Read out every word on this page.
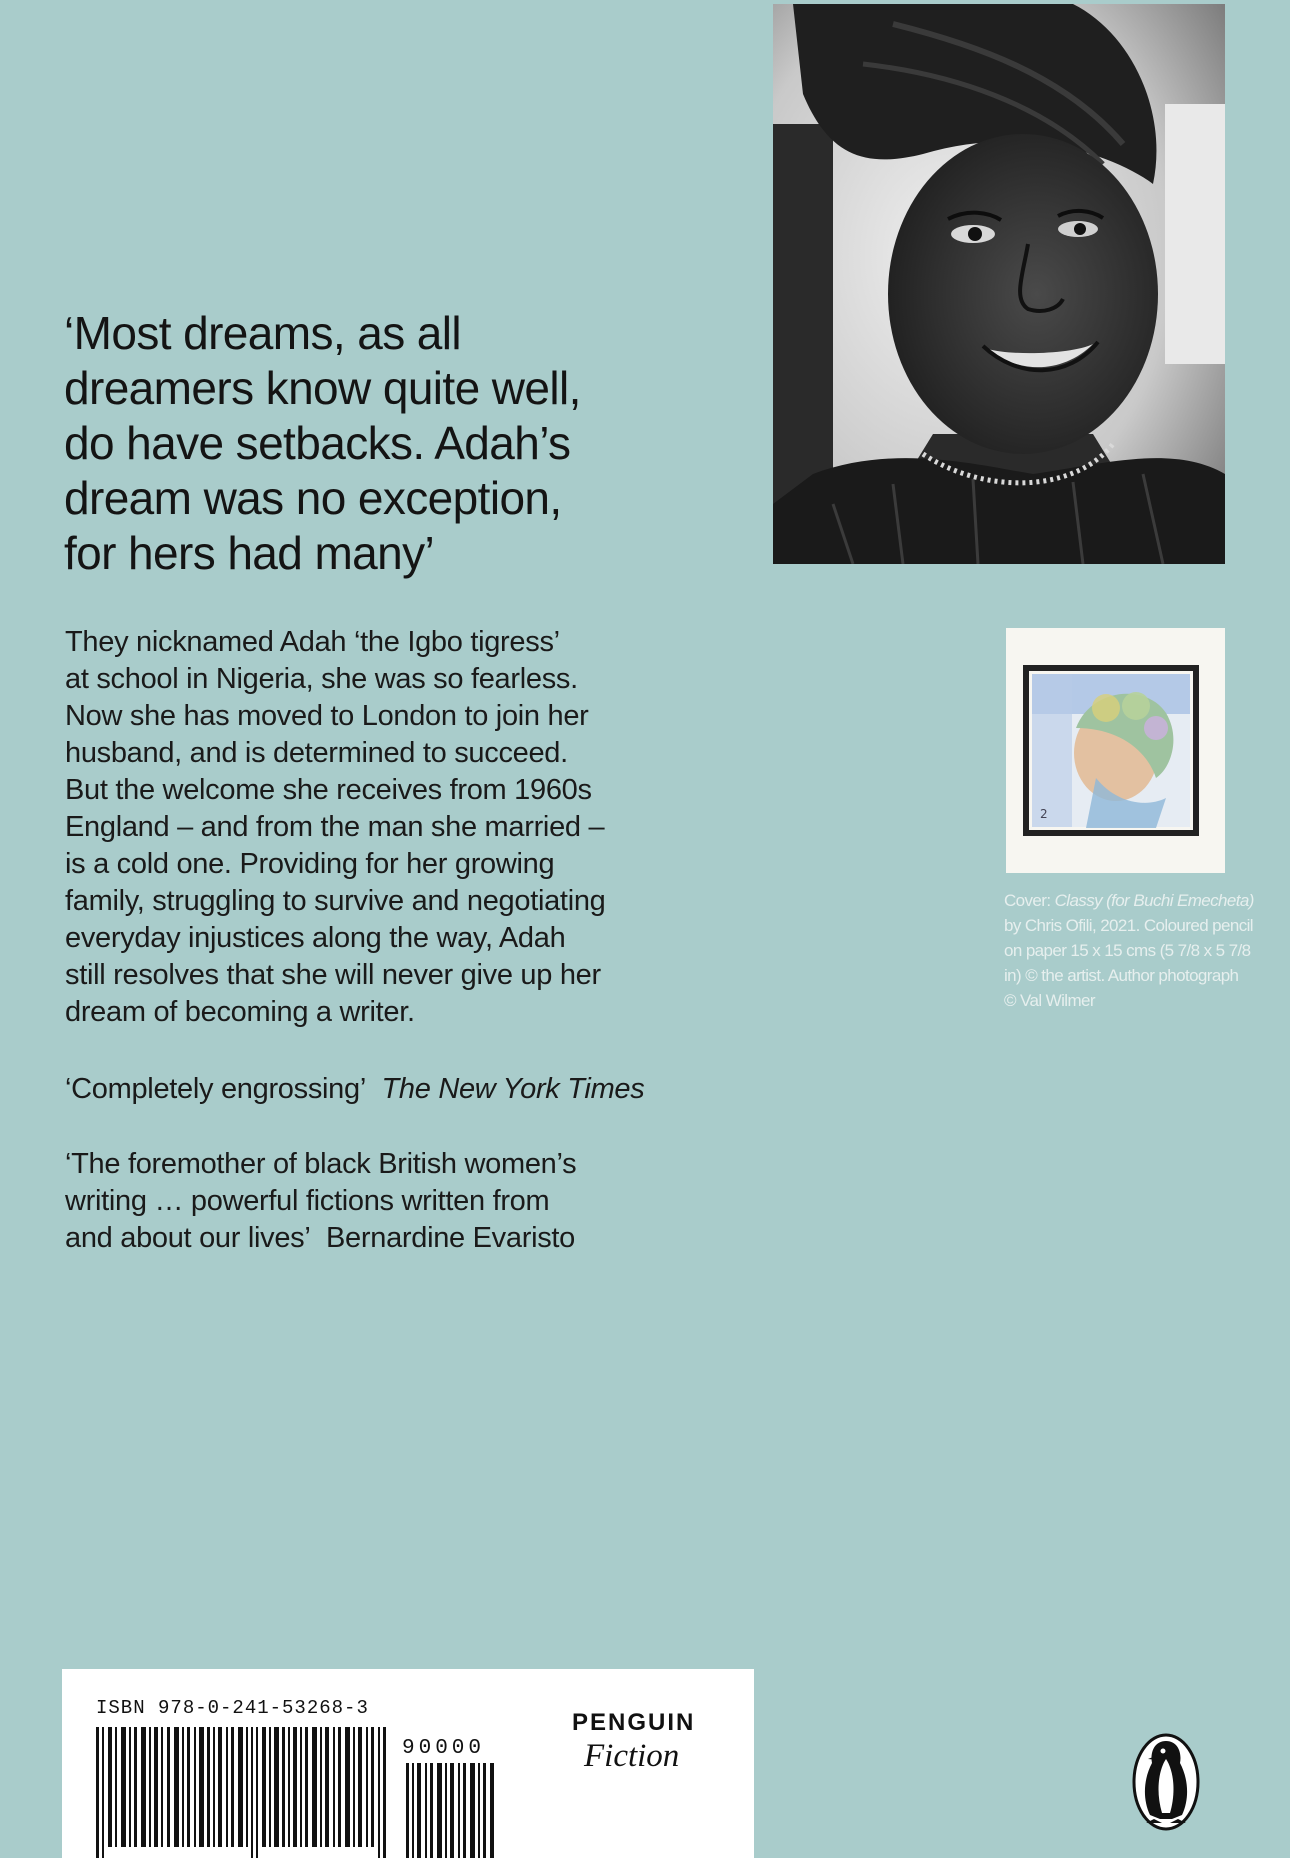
‘Most dreams, as all
dreamers know quite well,
do have setbacks. Adah’s
dream was no exception,
for hers had many’

They nicknamed Adah ‘the Igbo tigress’
at school in Nigeria, she was so fearless.
Now she has moved to London to join her
husband, and is determined to succeed.
But the welcome she receives from 1960s
England – and from the man she married –
is a cold one. Providing for her growing
family, struggling to survive and negotiating
everyday injustices along the way, Adah
still resolves that she will never give up her
dream of becoming a writer.

‘Completely engrossing’ The New York Times

‘The foremother of black British women’s
writing … powerful fictions written from
and about our lives’ Bernardine Evaristo

2

Cover: Classy (for Buchi Emecheta) by Chris Ofili, 2021. Coloured pencil on paper 15 x 15 cms (5 7/8 x 5 7/8 in) © the artist. Author photograph © Val Wilmer

ISBN 978-0-241-53268-3

90000

PENGUIN

Fiction
